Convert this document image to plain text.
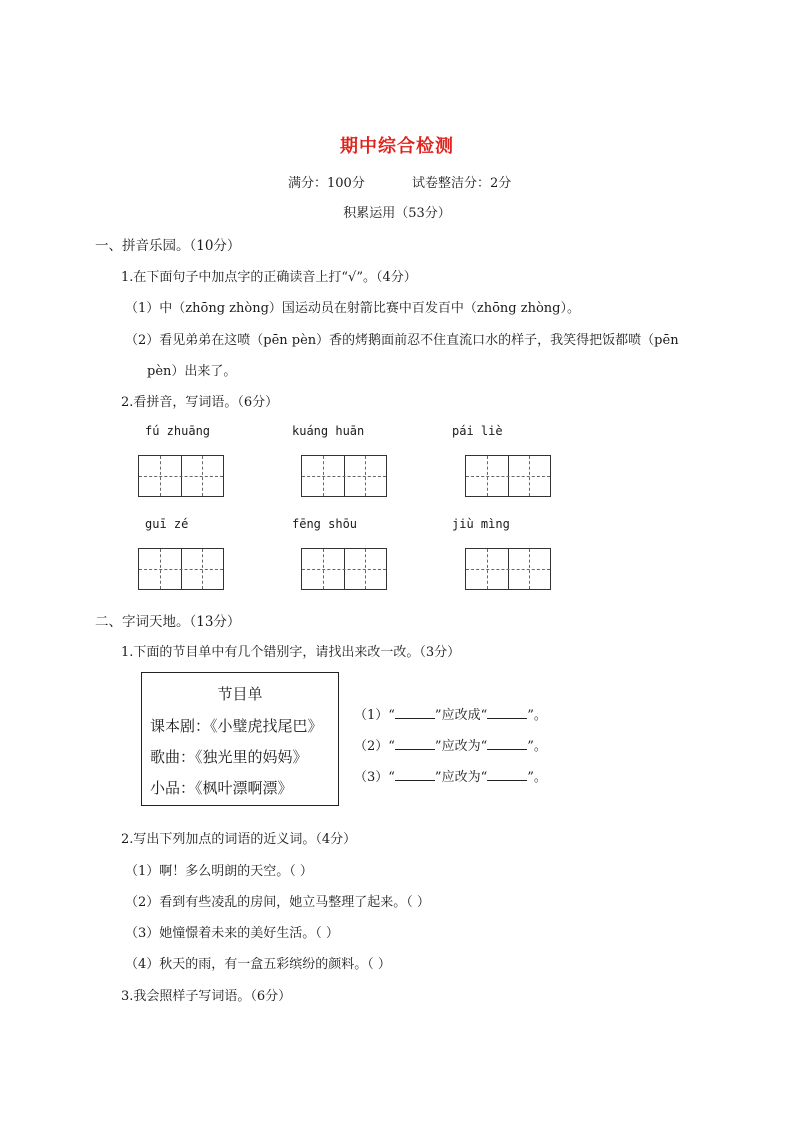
期中综合检测
满分：100分	试卷整洁分：2分
积累运用（53分）
一、拼音乐园。（10分）
1.在下面句子中加点字的正确读音上打“√”。（4分）
（1）中（zhōng zhòng）国运动员在射箭比赛中百发百中（zhōng zhòng）。
（2）看见弟弟在这喷（pēn pèn）香的烤鹅面前忍不住直流口水的样子，我笑得把饭都喷（pēn
pèn）出来了。
2.看拼音，写词语。（6分）
fú zhuāng	kuáng huān	pái liè
guī zé	fēng shōu	jiù mìng
二、字词天地。（13分）
1.下面的节目单中有几个错别字，请找出来改一改。（3分）
节目单
课本剧：《小璧虎找尾巴》
歌曲：《独光里的妈妈》
小品：《枫叶漂啊漂》
（1）“	”应改成“	”。
（2）“	”应改为“	”。
（3）“	”应改为“	”。
2.写出下列加点的词语的近义词。（4分）
（1）啊！多么明朗的天空。（ ）
（2）看到有些凌乱的房间，她立马整理了起来。（ ）
（3）她憧憬着未来的美好生活。（ ）
（4）秋天的雨，有一盒五彩缤纷的颜料。（ ）
3.我会照样子写词语。（6分）
